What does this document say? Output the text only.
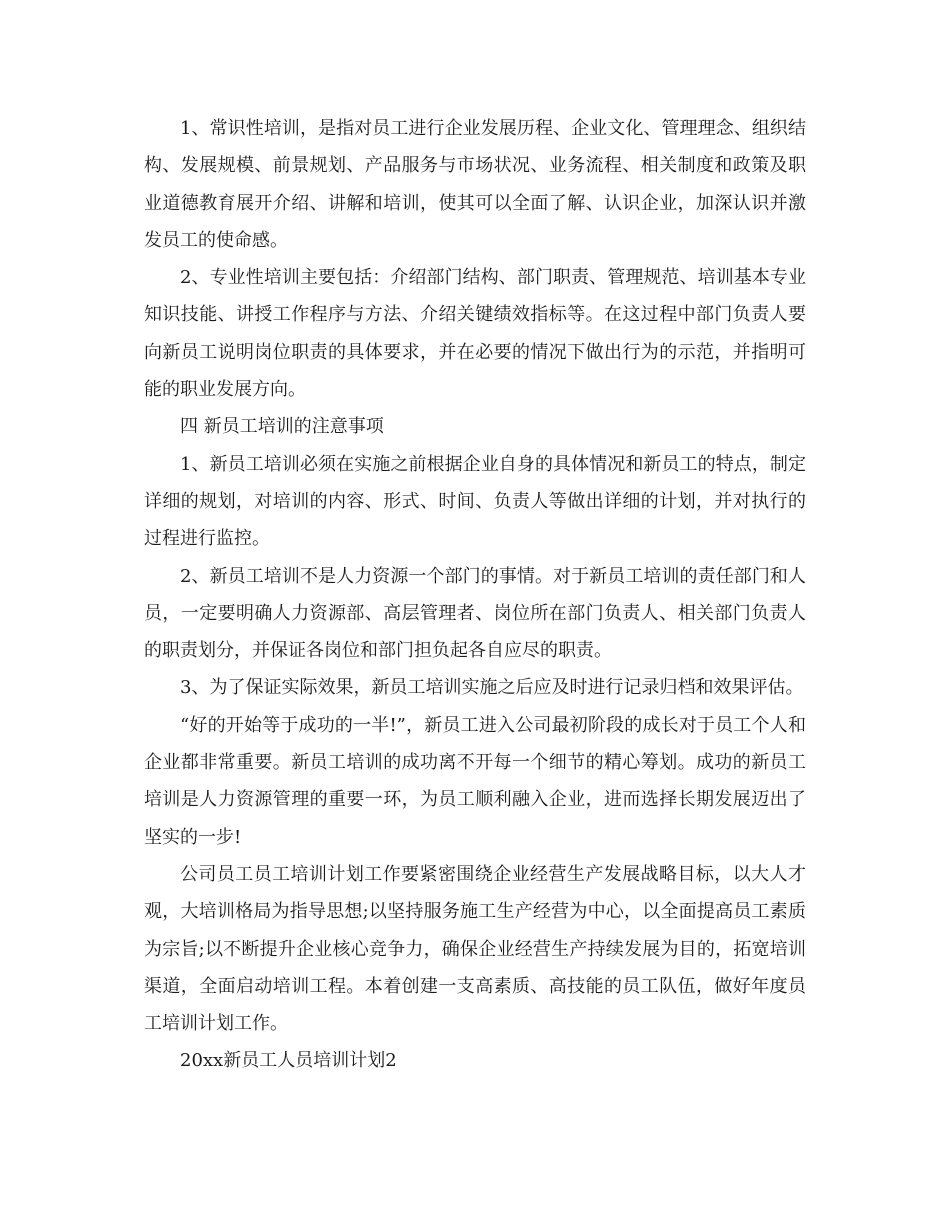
1、常识性培训，是指对员工进行企业发展历程、企业文化、管理理念、组织结构、发展规模、前景规划、产品服务与市场状况、业务流程、相关制度和政策及职业道德教育展开介绍、讲解和培训，使其可以全面了解、认识企业，加深认识并激发员工的使命感。

2、专业性培训主要包括：介绍部门结构、部门职责、管理规范、培训基本专业知识技能、讲授工作程序与方法、介绍关键绩效指标等。在这过程中部门负责人要向新员工说明岗位职责的具体要求，并在必要的情况下做出行为的示范，并指明可能的职业发展方向。

四 新员工培训的注意事项

1、新员工培训必须在实施之前根据企业自身的具体情况和新员工的特点，制定详细的规划，对培训的内容、形式、时间、负责人等做出详细的计划，并对执行的过程进行监控。

2、新员工培训不是人力资源一个部门的事情。对于新员工培训的责任部门和人员，一定要明确人力资源部、高层管理者、岗位所在部门负责人、相关部门负责人的职责划分，并保证各岗位和部门担负起各自应尽的职责。

3、为了保证实际效果，新员工培训实施之后应及时进行记录归档和效果评估。

“好的开始等于成功的一半!”，新员工进入公司最初阶段的成长对于员工个人和企业都非常重要。新员工培训的成功离不开每一个细节的精心筹划。成功的新员工培训是人力资源管理的重要一环，为员工顺利融入企业，进而选择长期发展迈出了坚实的一步!

公司员工员工培训计划工作要紧密围绕企业经营生产发展战略目标，以大人才观，大培训格局为指导思想;以坚持服务施工生产经营为中心，以全面提高员工素质为宗旨;以不断提升企业核心竞争力，确保企业经营生产持续发展为目的，拓宽培训渠道，全面启动培训工程。本着创建一支高素质、高技能的员工队伍，做好年度员工培训计划工作。

20xx新员工人员培训计划2
